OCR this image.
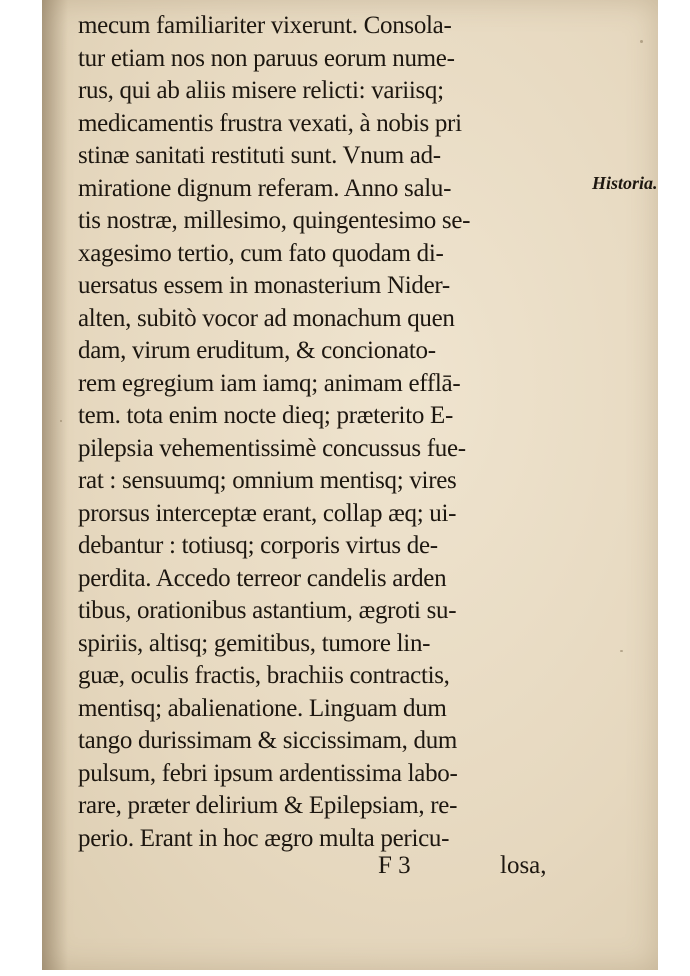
mecum familiariter vixerunt. Consola-
tur etiam nos non paruus eorum nume-
rus, qui ab aliis misere relicti: variisq;
medicamentis frustra vexati, à nobis pri
stinæ sanitati restituti sunt. Vnum ad-
miratione dignum referam. Anno salu-
tis nostræ, millesimo, quingentesimo se-
xagesimo tertio, cum fato quodam di-
uersatus essem in monasterium Nider-
alten, subitò vocor ad monachum quen
dam, virum eruditum, & concionato-
rem egregium iam iamq; animam efflā-
tem. tota enim nocte dieq; præterito E-
pilepsia vehementissimè concussus fue-
rat : sensuumq; omnium mentisq; vires
prorsus interceptæ erant, collap æq; ui-
debantur : totiusq; corporis virtus de-
perdita. Accedo terreor candelis arden
tibus, orationibus astantium, ægroti su-
spiriis, altisq; gemitibus, tumore lin-
guæ, oculis fractis, brachiis contractis,
mentisq; abalienatione. Linguam dum
tango durissimam & siccissimam, dum
pulsum, febri ipsum ardentissima labo-
rare, præter delirium & Epilepsiam, re-
perio. Erant in hoc ægro multa pericu-
Historia.
F 3	losa,
